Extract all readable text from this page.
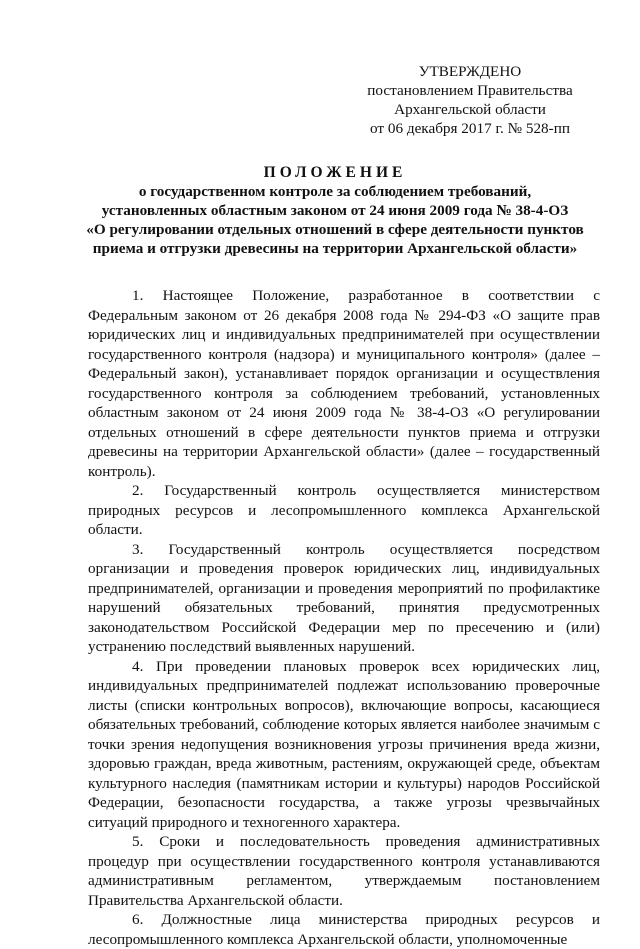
УТВЕРЖДЕНО
постановлением Правительства
Архангельской области
от 06 декабря 2017 г. № 528-пп
ПОЛОЖЕНИЕ
о государственном контроле за соблюдением требований,
установленных областным законом от 24 июня 2009 года № 38-4-ОЗ
«О регулировании отдельных отношений в сфере деятельности пунктов
приема и отгрузки древесины на территории Архангельской области»

1. Настоящее Положение, разработанное в соответствии с Федеральным законом от 26 декабря 2008 года № 294-ФЗ «О защите прав юридических лиц и индивидуальных предпринимателей при осуществлении государственного контроля (надзора) и муниципального контроля» (далее – Федеральный закон), устанавливает порядок организации и осуществления государственного контроля за соблюдением требований, установленных областным законом от 24 июня 2009 года № 38-4-ОЗ «О регулировании отдельных отношений в сфере деятельности пунктов приема и отгрузки древесины на территории Архангельской области» (далее – государственный контроль).

2. Государственный контроль осуществляется министерством природных ресурсов и лесопромышленного комплекса Архангельской области.

3. Государственный контроль осуществляется посредством организации и проведения проверок юридических лиц, индивидуальных предпринимателей, организации и проведения мероприятий по профилактике нарушений обязательных требований, принятия предусмотренных законодательством Российской Федерации мер по пресечению и (или) устранению последствий выявленных нарушений.

4. При проведении плановых проверок всех юридических лиц, индивидуальных предпринимателей подлежат использованию проверочные листы (списки контрольных вопросов), включающие вопросы, касающиеся обязательных требований, соблюдение которых является наиболее значимым с точки зрения недопущения возникновения угрозы причинения вреда жизни, здоровью граждан, вреда животным, растениям, окружающей среде, объектам культурного наследия (памятникам истории и культуры) народов Российской Федерации, безопасности государства, а также угрозы чрезвычайных ситуаций природного и техногенного характера.

5. Сроки и последовательность проведения административных процедур при осуществлении государственного контроля устанавливаются административным регламентом, утверждаемым постановлением Правительства Архангельской области.

6. Должностные лица министерства природных ресурсов и лесопромышленного комплекса Архангельской области, уполномоченные
